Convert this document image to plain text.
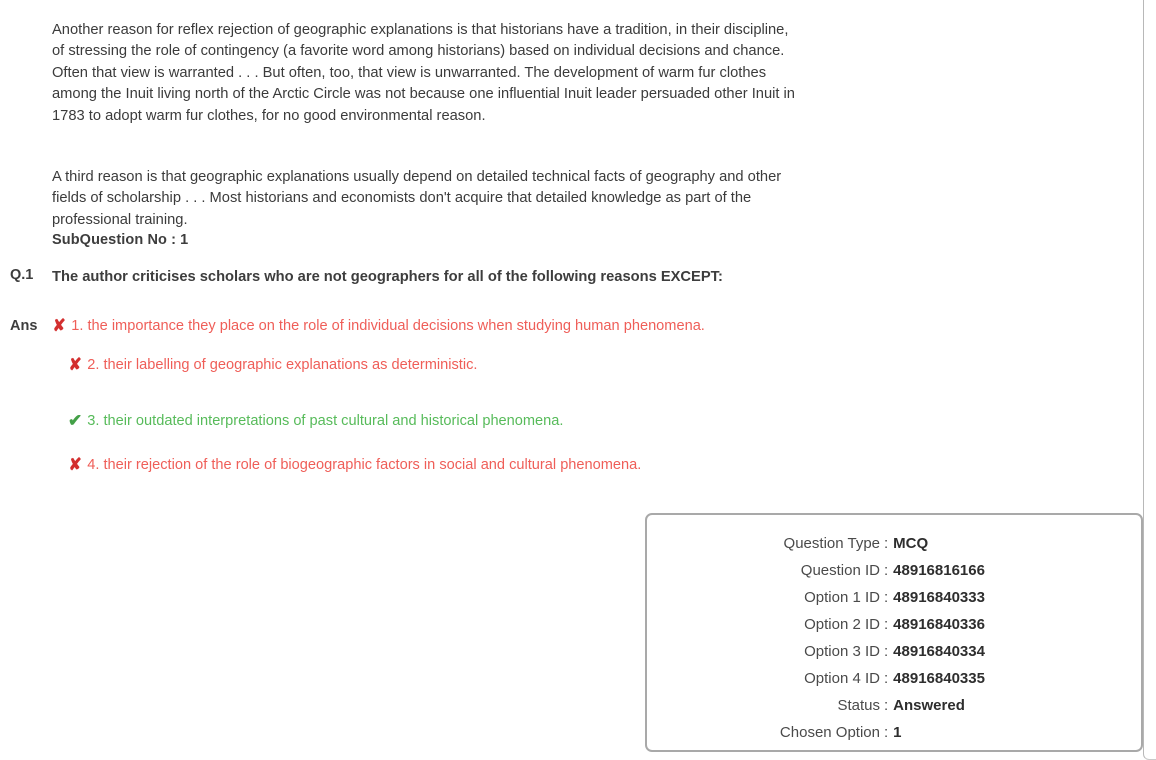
Another reason for reflex rejection of geographic explanations is that historians have a tradition, in their discipline, of stressing the role of contingency (a favorite word among historians) based on individual decisions and chance. Often that view is warranted . . . But often, too, that view is unwarranted. The development of warm fur clothes among the Inuit living north of the Arctic Circle was not because one influential Inuit leader persuaded other Inuit in 1783 to adopt warm fur clothes, for no good environmental reason.

A third reason is that geographic explanations usually depend on detailed technical facts of geography and other fields of scholarship . . . Most historians and economists don't acquire that detailed knowledge as part of the professional training.

SubQuestion No : 1
Q.1	The author criticises scholars who are not geographers for all of the following reasons EXCEPT:
Ans ✘ 1. the importance they place on the role of individual decisions when studying human phenomena.
✘ 2. their labelling of geographic explanations as deterministic.
✔ 3. their outdated interpretations of past cultural and historical phenomena.
✘ 4. their rejection of the role of biogeographic factors in social and cultural phenomena.
Question Type : MCQ
Question ID : 48916816166
Option 1 ID : 48916840333
Option 2 ID : 48916840336
Option 3 ID : 48916840334
Option 4 ID : 48916840335
Status : Answered
Chosen Option : 1
